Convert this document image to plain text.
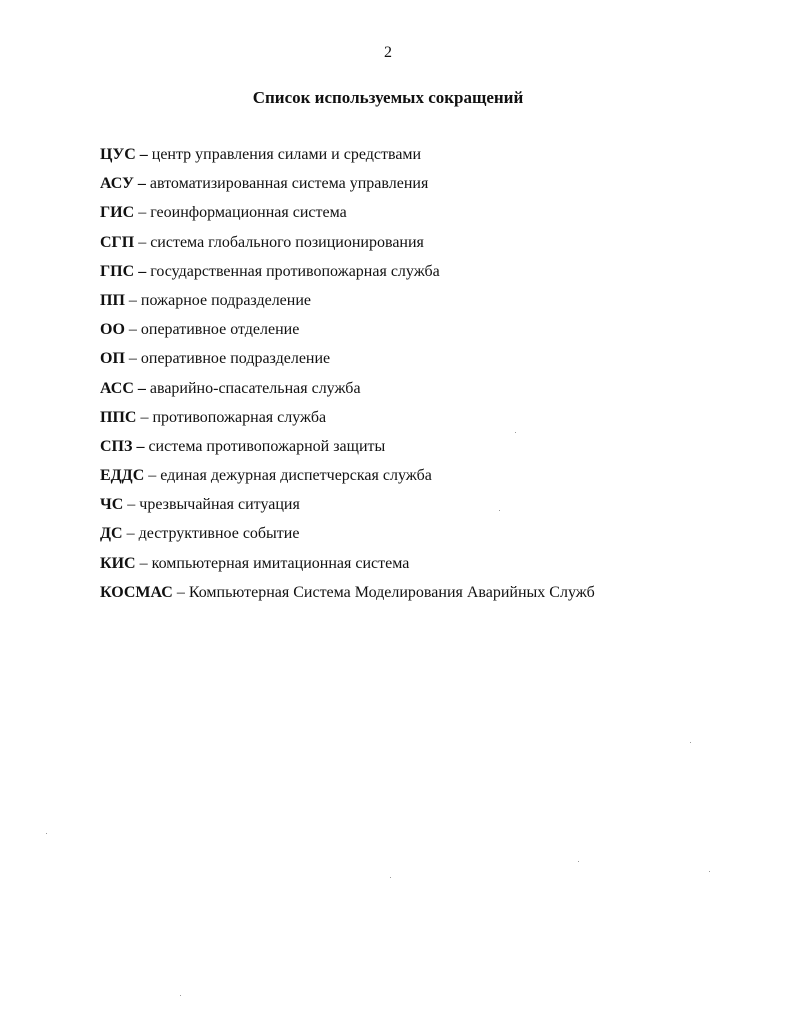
2
Список используемых сокращений
ЦУС – центр управления силами и средствами
АСУ – автоматизированная система управления
ГИС – геоинформационная система
СГП – система глобального позиционирования
ГПС – государственная противопожарная служба
ПП – пожарное подразделение
ОО – оперативное отделение
ОП – оперативное подразделение
АСС – аварийно-спасательная служба
ППС – противопожарная служба
СПЗ – система противопожарной защиты
ЕДДС – единая дежурная диспетчерская служба
ЧС – чрезвычайная ситуация
ДС – деструктивное событие
КИС – компьютерная имитационная система
КОСМАС – Компьютерная Система Моделирования Аварийных Служб
